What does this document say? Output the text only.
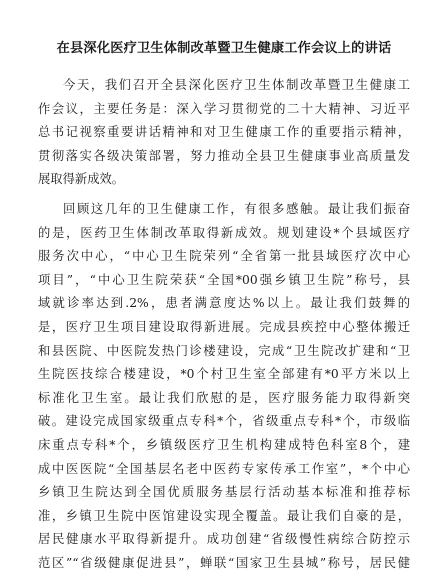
在县深化医疗卫生体制改革暨卫生健康工作会议上的讲话
今天，我们召开全县深化医疗卫生体制改革暨卫生健康工
作会议，主要任务是：深入学习贯彻党的二十大精神、习近平
总书记视察重要讲话精神和对卫生健康工作的重要指示精神，
贯彻落实各级决策部署，努力推动全县卫生健康事业高质量发
展取得新成效。
回顾这几年的卫生健康工作，有很多感触。最让我们振奋
的是，医药卫生体制改革取得新成效。规划建设*个县域医疗
服务次中心，“中心卫生院荣列“全省第一批县域医疗次中心
项目”，“中心卫生院荣获“全国*00强乡镇卫生院”称号，县
域就诊率达到.2%，患者满意度达%以上。最让我们鼓舞的
是，医疗卫生项目建设取得新进展。完成县疾控中心整体搬迁
和县医院、中医院发热门诊楼建设，完成“卫生院改扩建和“卫
生院医技综合楼建设，*0个村卫生室全部建有*0平方米以上
标准化卫生室。最让我们欣慰的是，医疗服务能力取得新突
破。建设完成国家级重点专科*个，省级重点专科*个，市级临
床重点专科*个，乡镇级医疗卫生机构建成特色科室8个，建
成中医医院“全国基层名老中医药专家传承工作室”，*个中心
乡镇卫生院达到全国优质服务基层行活动基本标准和推荐标
准，乡镇卫生院中医馆建设实现全覆盖。最让我们自豪的是，
居民健康水平取得新提升。成功创建“省级慢性病综合防控示
范区”“省级健康促进县”，蝉联“国家卫生县城”称号，居民健
